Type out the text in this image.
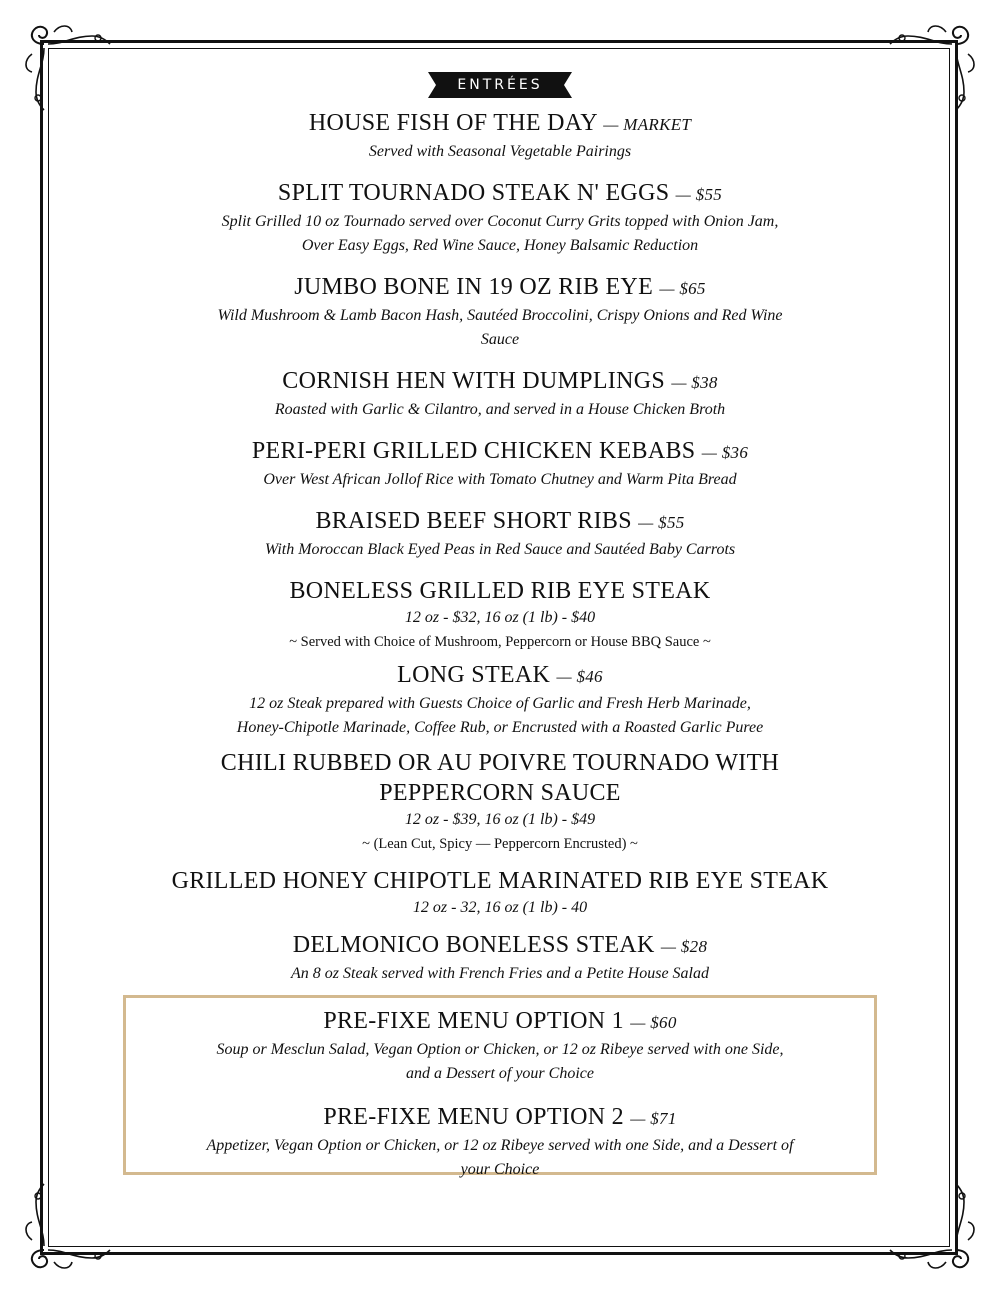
ENTRÉES
HOUSE FISH OF THE DAY — MARKET
Served with Seasonal Vegetable Pairings
SPLIT TOURNADO STEAK N' EGGS — $55
Split Grilled 10 oz Tournado served over Coconut Curry Grits topped with Onion Jam,
Over Easy Eggs, Red Wine Sauce, Honey Balsamic Reduction
JUMBO BONE IN 19 OZ RIB EYE — $65
Wild Mushroom & Lamb Bacon Hash, Sautéed Broccolini, Crispy Onions and Red Wine
Sauce
CORNISH HEN WITH DUMPLINGS — $38
Roasted with Garlic & Cilantro, and served in a House Chicken Broth
PERI-PERI GRILLED CHICKEN KEBABS — $36
Over West African Jollof Rice with Tomato Chutney and Warm Pita Bread
BRAISED BEEF SHORT RIBS — $55
With Moroccan Black Eyed Peas in Red Sauce and Sautéed Baby Carrots
BONELESS GRILLED RIB EYE STEAK
12 oz - $32, 16 oz (1 lb) - $40
~ Served with Choice of Mushroom, Peppercorn or House BBQ Sauce ~
LONG STEAK — $46
12 oz Steak prepared with Guests Choice of Garlic and Fresh Herb Marinade,
Honey-Chipotle Marinade, Coffee Rub, or Encrusted with a Roasted Garlic Puree
CHILI RUBBED OR AU POIVRE TOURNADO WITH
PEPPERCORN SAUCE
12 oz - $39, 16 oz (1 lb) - $49
~ (Lean Cut, Spicy — Peppercorn Encrusted) ~
GRILLED HONEY CHIPOTLE MARINATED RIB EYE STEAK
12 oz - 32, 16 oz (1 lb) - 40
DELMONICO BONELESS STEAK — $28
An 8 oz Steak served with French Fries and a Petite House Salad
PRE-FIXE MENU OPTION 1 — $60
Soup or Mesclun Salad, Vegan Option or Chicken, or 12 oz Ribeye served with one Side,
and a Dessert of your Choice
PRE-FIXE MENU OPTION 2 — $71
Appetizer, Vegan Option or Chicken, or 12 oz Ribeye served with one Side, and a Dessert of
your Choice
